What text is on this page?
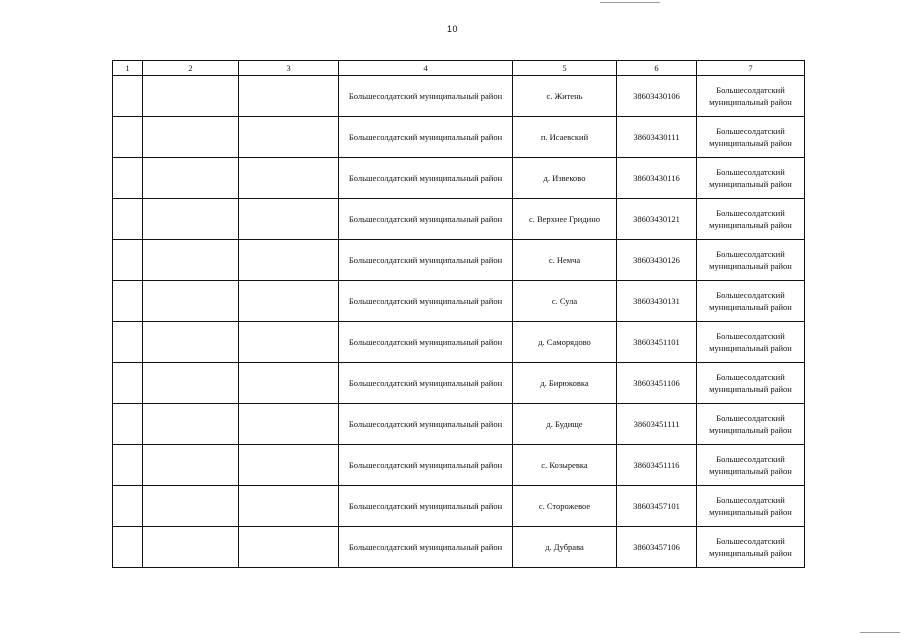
10
1	2	3	4	5	6	7
			Большесолдатский муниципальный район	с. Житень	38603430106	Большесолдатский муниципальный район
			Большесолдатский муниципальный район	п. Исаевский	38603430111	Большесолдатский муниципальный район
			Большесолдатский муниципальный район	д. Извеково	38603430116	Большесолдатский муниципальный район
			Большесолдатский муниципальный район	с. Верхнее Гридино	38603430121	Большесолдатский муниципальный район
			Большесолдатский муниципальный район	с. Немча	38603430126	Большесолдатский муниципальный район
			Большесолдатский муниципальный район	с. Сула	38603430131	Большесолдатский муниципальный район
			Большесолдатский муниципальный район	д. Саморядово	38603451101	Большесолдатский муниципальный район
			Большесолдатский муниципальный район	д. Бирюковка	38603451106	Большесолдатский муниципальный район
			Большесолдатский муниципальный район	д. Будище	38603451111	Большесолдатский муниципальный район
			Большесолдатский муниципальный район	с. Козыревка	38603451116	Большесолдатский муниципальный район
			Большесолдатский муниципальный район	с. Сторожевое	38603457101	Большесолдатский муниципальный район
			Большесолдатский муниципальный район	д. Дубрава	38603457106	Большесолдатский муниципальный район
